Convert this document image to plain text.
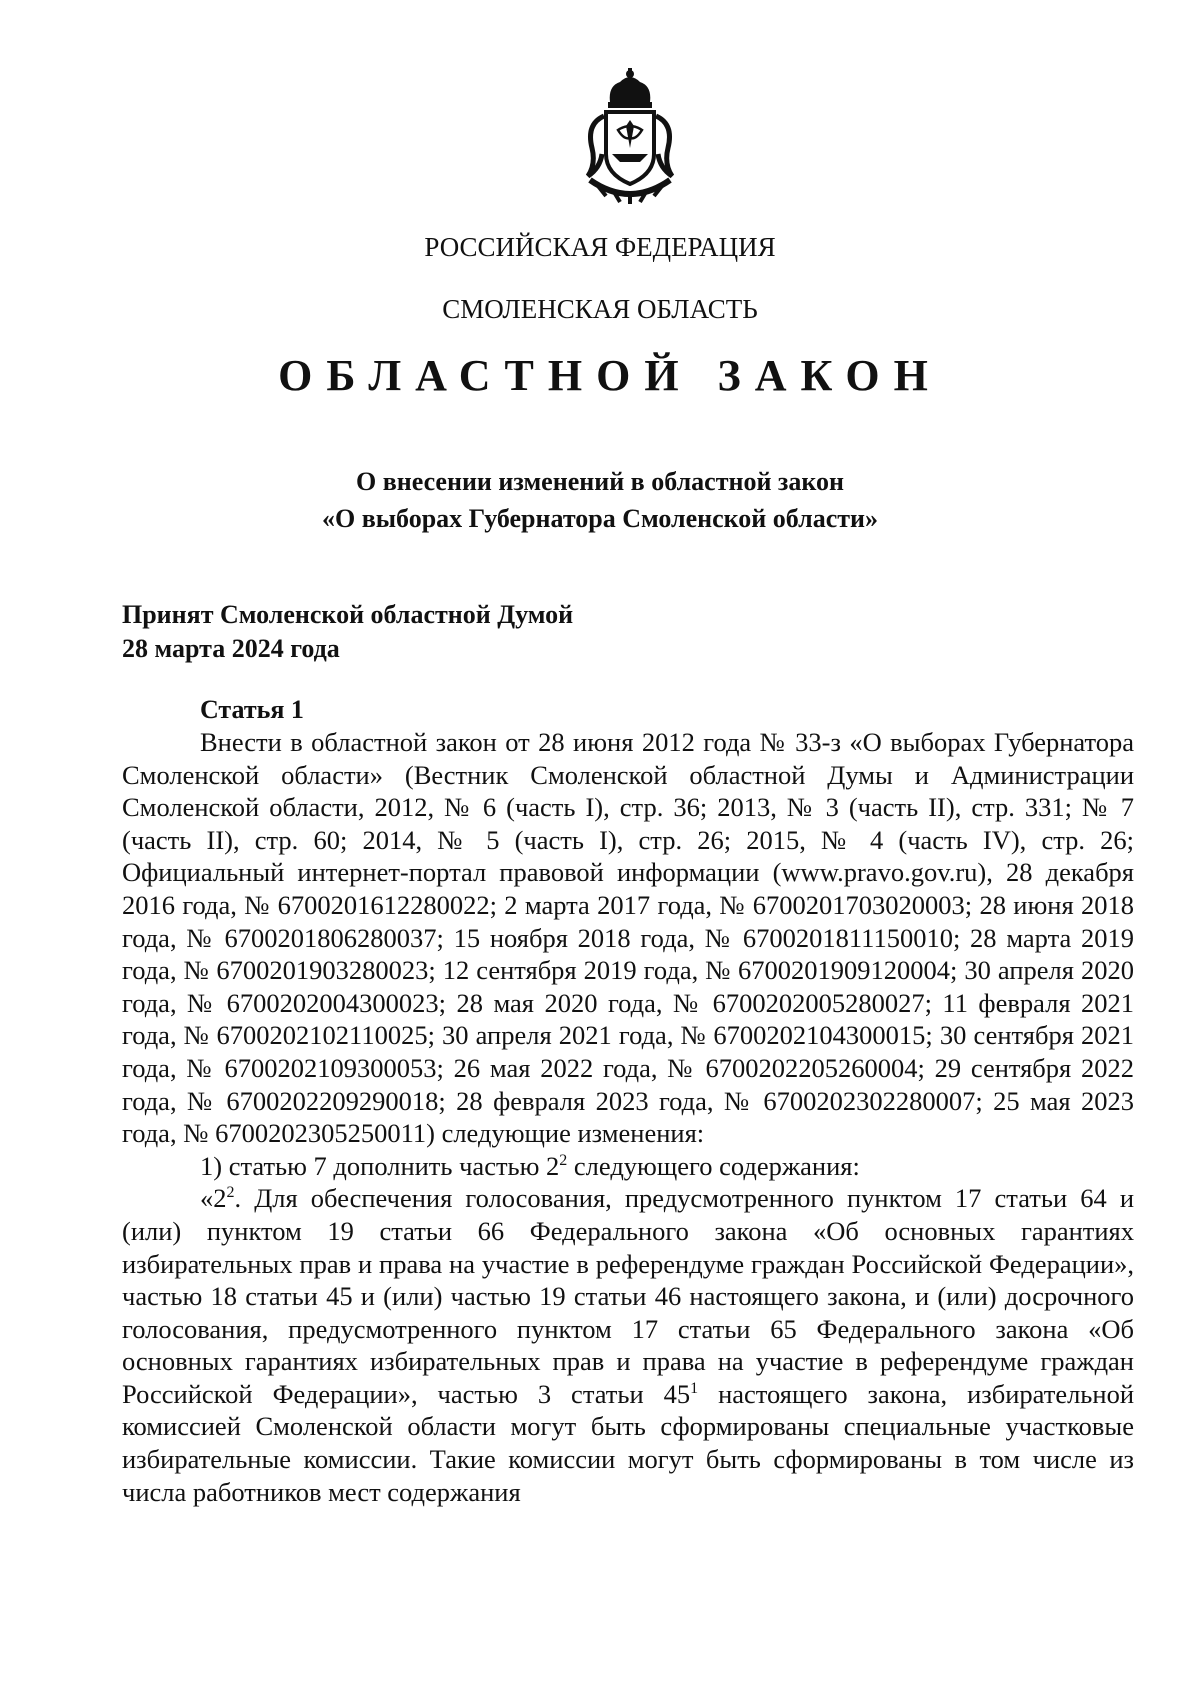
РОССИЙСКАЯ ФЕДЕРАЦИЯ
СМОЛЕНСКАЯ ОБЛАСТЬ
ОБЛАСТНОЙ ЗАКОН
О внесении изменений в областной закон
«О выборах Губернатора Смоленской области»
Принят Смоленской областной Думой
28 марта 2024 года
Статья 1

Внести в областной закон от 28 июня 2012 года № 33-з «О выборах Губернатора Смоленской области» (Вестник Смоленской областной Думы и Администрации Смоленской области, 2012, № 6 (часть I), стр. 36; 2013, № 3 (часть II), стр. 331; № 7 (часть II), стр. 60; 2014, № 5 (часть I), стр. 26; 2015, № 4 (часть IV), стр. 26; Официальный интернет-портал правовой информации (www.pravo.gov.ru), 28 декабря 2016 года, № 6700201612280022; 2 марта 2017 года, № 6700201703020003; 28 июня 2018 года, № 6700201806280037; 15 ноября 2018 года, № 6700201811150010; 28 марта 2019 года, № 6700201903280023; 12 сентября 2019 года, № 6700201909120004; 30 апреля 2020 года, № 6700202004300023; 28 мая 2020 года, № 6700202005280027; 11 февраля 2021 года, № 6700202102110025; 30 апреля 2021 года, № 6700202104300015; 30 сентября 2021 года, № 6700202109300053; 26 мая 2022 года, № 6700202205260004; 29 сентября 2022 года, № 6700202209290018; 28 февраля 2023 года, № 6700202302280007; 25 мая 2023 года, № 6700202305250011) следующие изменения:

1) статью 7 дополнить частью $2^2$ следующего содержания:

«$2^2$. Для обеспечения голосования, предусмотренного пунктом 17 статьи 64 и (или) пунктом 19 статьи 66 Федерального закона «Об основных гарантиях избирательных прав и права на участие в референдуме граждан Российской Федерации», частью 18 статьи 45 и (или) частью 19 статьи 46 настоящего закона, и (или) досрочного голосования, предусмотренного пунктом 17 статьи 65 Федерального закона «Об основных гарантиях избирательных прав и права на участие в референдуме граждан Российской Федерации», частью 3 статьи $45^1$ настоящего закона, избирательной комиссией Смоленской области могут быть сформированы специальные участковые избирательные комиссии. Такие комиссии могут быть сформированы в том числе из числа работников мест содержания
